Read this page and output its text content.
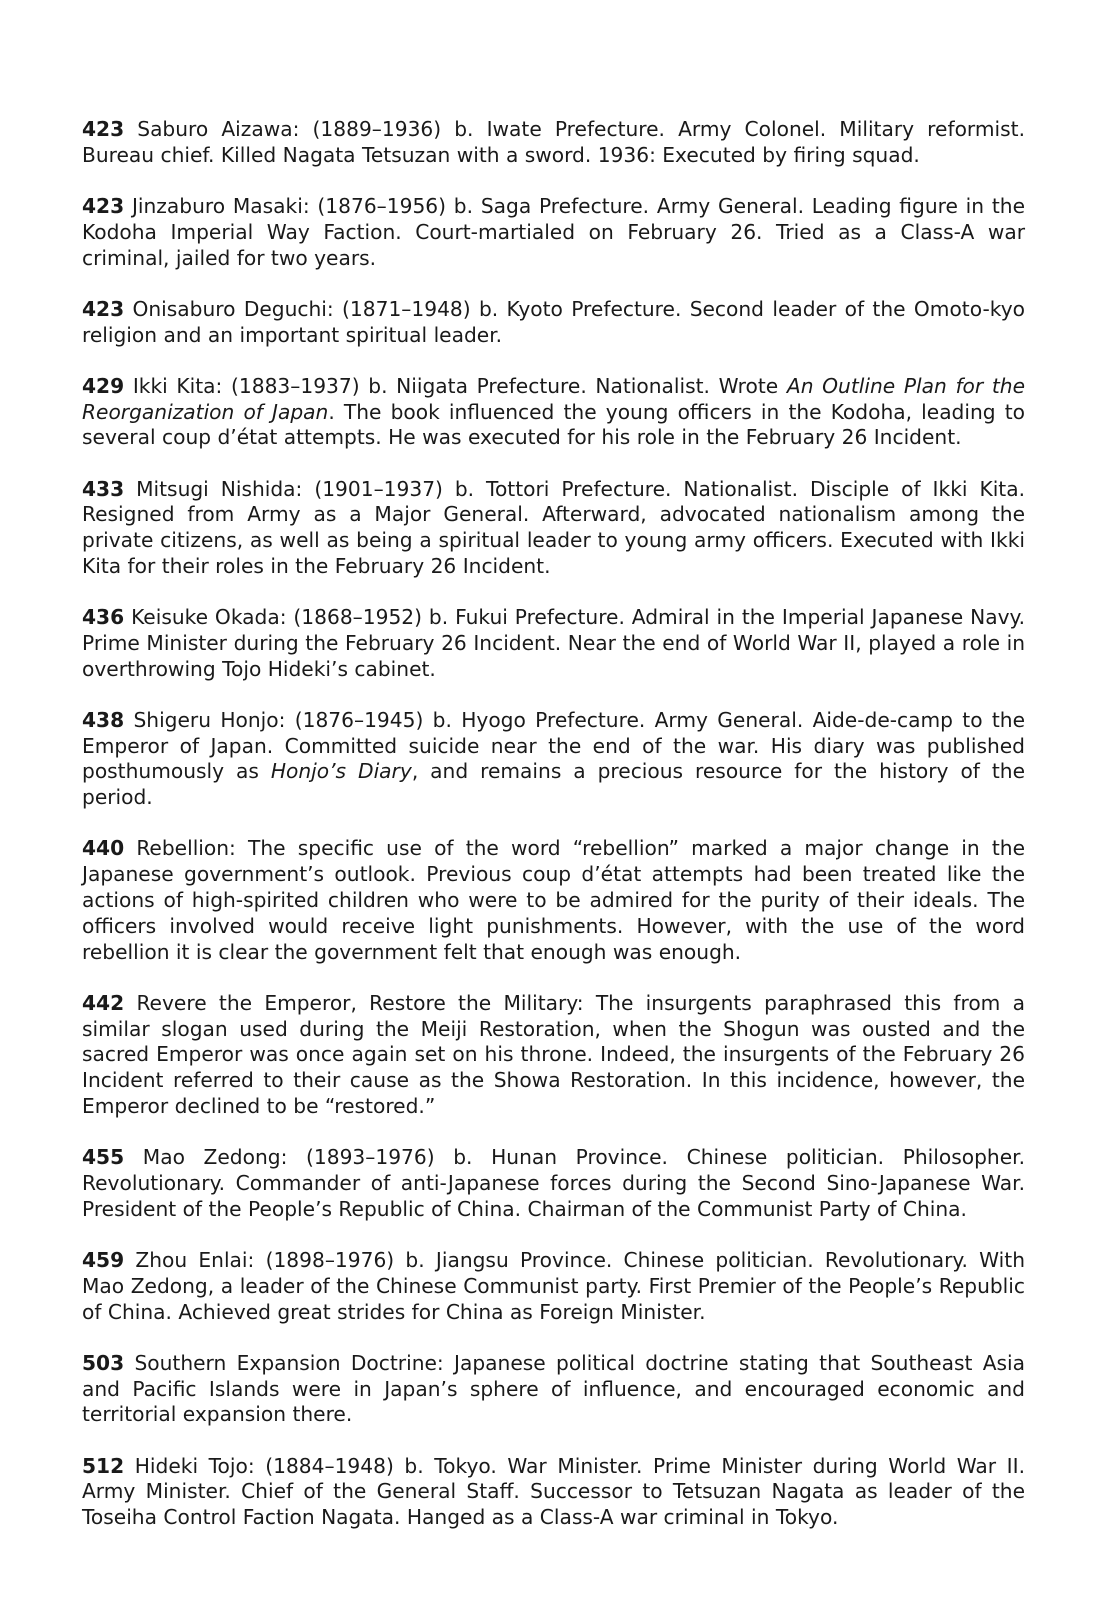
423 Saburo Aizawa: (1889–1936) b. Iwate Prefecture. Army Colonel. Military reformist. Bureau chief. Killed Nagata Tetsuzan with a sword. 1936: Executed by firing squad.

423 Jinzaburo Masaki: (1876–1956) b. Saga Prefecture. Army General. Leading figure in the Kodoha Imperial Way Faction. Court-martialed on February 26. Tried as a Class-A war criminal, jailed for two years.

423 Onisaburo Deguchi: (1871–1948) b. Kyoto Prefecture. Second leader of the Omoto-kyo religion and an important spiritual leader.

429 Ikki Kita: (1883–1937) b. Niigata Prefecture. Nationalist. Wrote An Outline Plan for the Reorganization of Japan. The book influenced the young officers in the Kodoha, leading to several coup d’état attempts. He was executed for his role in the February 26 Incident.

433 Mitsugi Nishida: (1901–1937) b. Tottori Prefecture. Nationalist. Disciple of Ikki Kita. Resigned from Army as a Major General. Afterward, advocated nationalism among the private citizens, as well as being a spiritual leader to young army officers. Executed with Ikki Kita for their roles in the February 26 Incident.

436 Keisuke Okada: (1868–1952) b. Fukui Prefecture. Admiral in the Imperial Japanese Navy. Prime Minister during the February 26 Incident. Near the end of World War II, played a role in overthrowing Tojo Hideki’s cabinet.

438 Shigeru Honjo: (1876–1945) b. Hyogo Prefecture. Army General. Aide-de-camp to the Emperor of Japan. Committed suicide near the end of the war. His diary was published posthumously as Honjo’s Diary, and remains a precious resource for the history of the period.

440 Rebellion: The specific use of the word “rebellion” marked a major change in the Japanese government’s outlook. Previous coup d’état attempts had been treated like the actions of high-spirited children who were to be admired for the purity of their ideals. The officers involved would receive light punishments. However, with the use of the word rebellion it is clear the government felt that enough was enough.

442 Revere the Emperor, Restore the Military: The insurgents paraphrased this from a similar slogan used during the Meiji Restoration, when the Shogun was ousted and the sacred Emperor was once again set on his throne. Indeed, the insurgents of the February 26 Incident referred to their cause as the Showa Restoration. In this incidence, however, the Emperor declined to be “restored.”

455 Mao Zedong: (1893–1976) b. Hunan Province. Chinese politician. Philosopher. Revolutionary. Commander of anti-Japanese forces during the Second Sino-Japanese War. President of the People’s Republic of China. Chairman of the Communist Party of China.

459 Zhou Enlai: (1898–1976) b. Jiangsu Province. Chinese politician. Revolutionary. With Mao Zedong, a leader of the Chinese Communist party. First Premier of the People’s Republic of China. Achieved great strides for China as Foreign Minister.

503 Southern Expansion Doctrine: Japanese political doctrine stating that Southeast Asia and Pacific Islands were in Japan’s sphere of influence, and encouraged economic and territorial expansion there.

512 Hideki Tojo: (1884–1948) b. Tokyo. War Minister. Prime Minister during World War II. Army Minister. Chief of the General Staff. Successor to Tetsuzan Nagata as leader of the Toseiha Control Faction Nagata. Hanged as a Class-A war criminal in Tokyo.
